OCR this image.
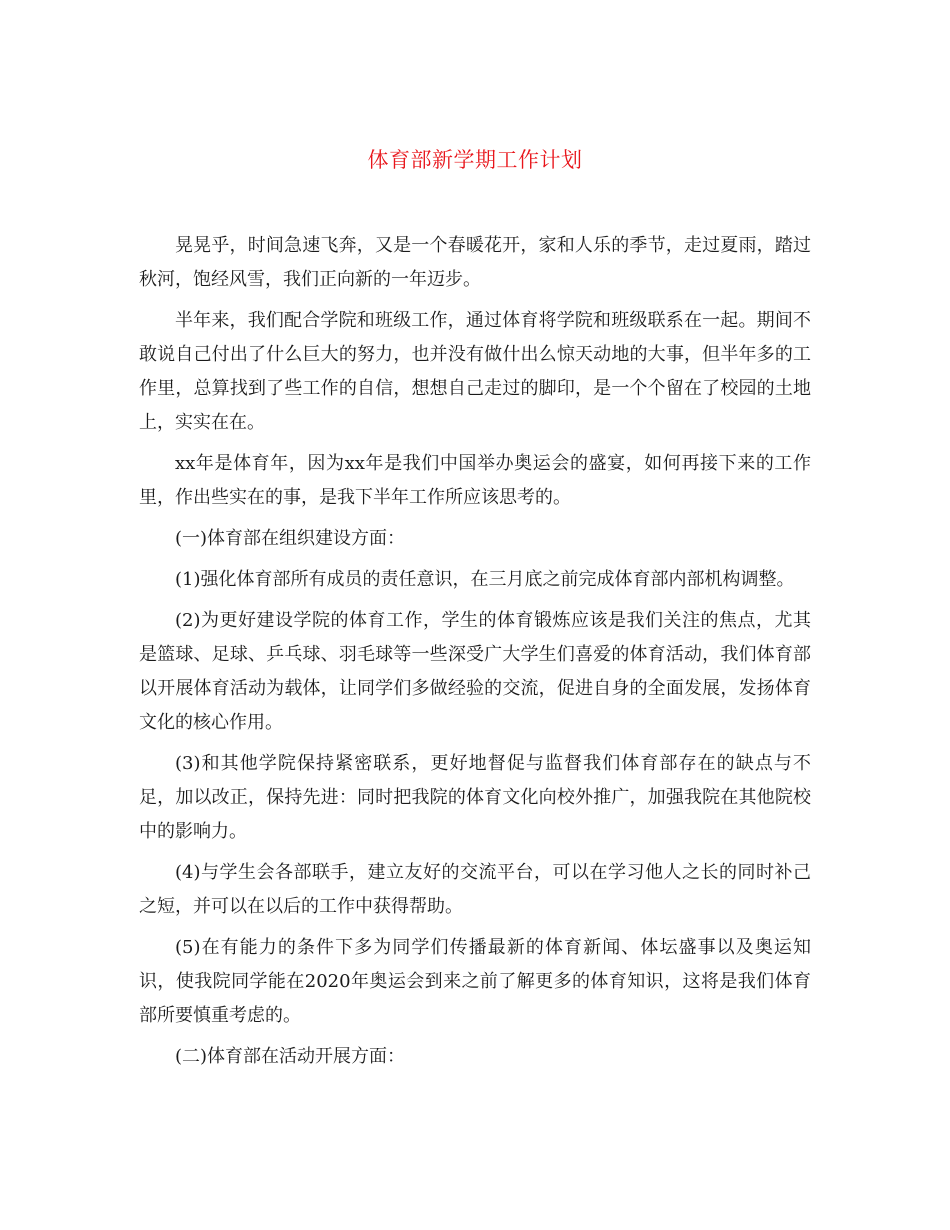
体育部新学期工作计划

晃晃乎，时间急速飞奔，又是一个春暖花开，家和人乐的季节，走过夏雨，踏过秋河，饱经风雪，我们正向新的一年迈步。

半年来，我们配合学院和班级工作，通过体育将学院和班级联系在一起。期间不敢说自己付出了什么巨大的努力，也并没有做什出么惊天动地的大事，但半年多的工作里，总算找到了些工作的自信，想想自己走过的脚印，是一个个留在了校园的土地上，实实在在。

xx年是体育年，因为xx年是我们中国举办奥运会的盛宴，如何再接下来的工作里，作出些实在的事，是我下半年工作所应该思考的。

(一)体育部在组织建设方面：

(1)强化体育部所有成员的责任意识，在三月底之前完成体育部内部机构调整。

(2)为更好建设学院的体育工作，学生的体育锻炼应该是我们关注的焦点，尤其是篮球、足球、乒乓球、羽毛球等一些深受广大学生们喜爱的体育活动，我们体育部以开展体育活动为载体，让同学们多做经验的交流，促进自身的全面发展，发扬体育文化的核心作用。

(3)和其他学院保持紧密联系，更好地督促与监督我们体育部存在的缺点与不足，加以改正，保持先进：同时把我院的体育文化向校外推广，加强我院在其他院校中的影响力。

(4)与学生会各部联手，建立友好的交流平台，可以在学习他人之长的同时补己之短，并可以在以后的工作中获得帮助。

(5)在有能力的条件下多为同学们传播最新的体育新闻、体坛盛事以及奥运知识，使我院同学能在2020年奥运会到来之前了解更多的体育知识，这将是我们体育部所要慎重考虑的。

(二)体育部在活动开展方面：
